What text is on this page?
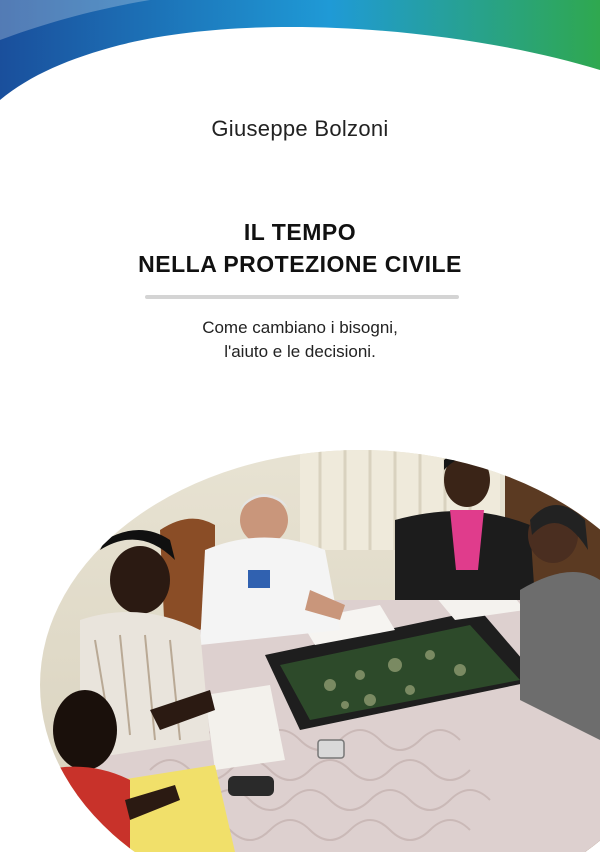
Giuseppe Bolzoni
IL TEMPO
NELLA PROTEZIONE CIVILE
Come cambiano i bisogni,
l'aiuto e le decisioni.
